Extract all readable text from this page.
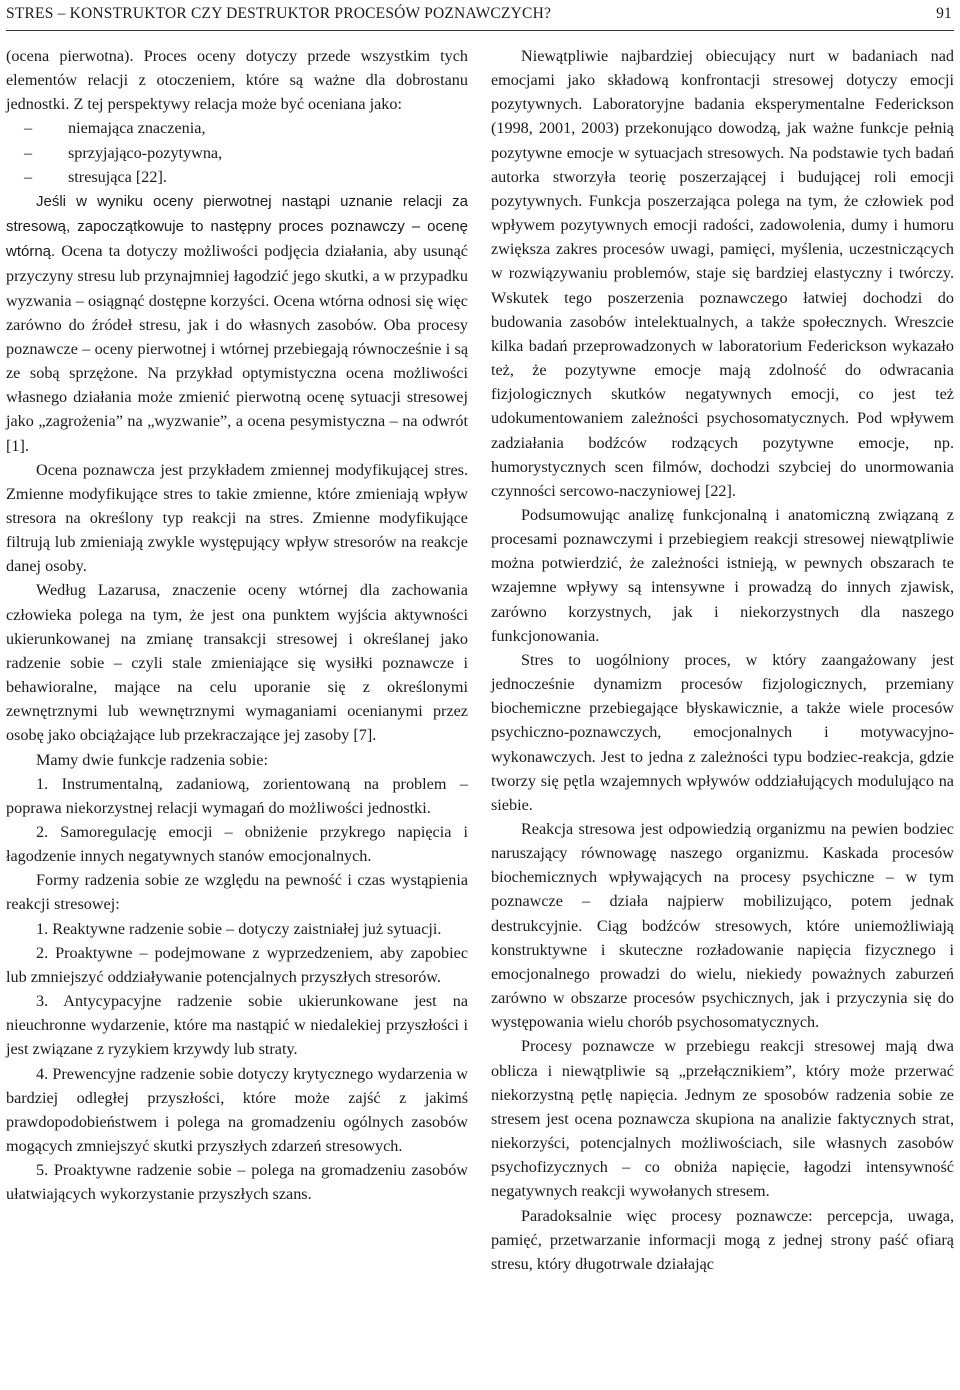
STRES – KONSTRUKTOR CZY DESTRUKTOR PROCESÓW POZNAWCZYCH?	91

(ocena pierwotna). Proces oceny dotyczy przede wszystkim tych elementów relacji z otoczeniem, które są ważne dla dobrostanu jednostki. Z tej perspektywy relacja może być oceniana jako:

– niemająca znaczenia,

– sprzyjająco-pozytywna,

– stresująca [22].

Jeśli w wyniku oceny pierwotnej nastąpi uznanie relacji za stresową, zapoczątkowuje to następny proces poznawczy – ocenę wtórną. Ocena ta dotyczy możliwości podjęcia działania, aby usunąć przyczyny stresu lub przynajmniej łagodzić jego skutki, a w przypadku wyzwania – osiągnąć dostępne korzyści. Ocena wtórna odnosi się więc zarówno do źródeł stresu, jak i do własnych zasobów. Oba procesy poznawcze – oceny pierwotnej i wtórnej przebiegają równocześnie i są ze sobą sprzężone. Na przykład optymistyczna ocena możliwości własnego działania może zmienić pierwotną ocenę sytuacji stresowej jako „zagrożenia” na „wyzwanie”, a ocena pesymistyczna – na odwrót [1].

Ocena poznawcza jest przykładem zmiennej modyfikującej stres. Zmienne modyfikujące stres to takie zmienne, które zmieniają wpływ stresora na określony typ reakcji na stres. Zmienne modyfikujące filtrują lub zmieniają zwykle występujący wpływ stresorów na reakcje danej osoby.

Według Lazarusa, znaczenie oceny wtórnej dla zachowania człowieka polega na tym, że jest ona punktem wyjścia aktywności ukierunkowanej na zmianę transakcji stresowej i określanej jako radzenie sobie – czyli stale zmieniające się wysiłki poznawcze i behawioralne, mające na celu uporanie się z określonymi zewnętrznymi lub wewnętrznymi wymaganiami ocenianymi przez osobę jako obciążające lub przekraczające jej zasoby [7].

Mamy dwie funkcje radzenia sobie:

1. Instrumentalną, zadaniową, zorientowaną na problem – poprawa niekorzystnej relacji wymagań do możliwości jednostki.

2. Samoregulację emocji – obniżenie przykrego napięcia i łagodzenie innych negatywnych stanów emocjonalnych.

Formy radzenia sobie ze względu na pewność i czas wystąpienia reakcji stresowej:

1. Reaktywne radzenie sobie – dotyczy zaistniałej już sytuacji.

2. Proaktywne – podejmowane z wyprzedzeniem, aby zapobiec lub zmniejszyć oddziaływanie potencjalnych przyszłych stresorów.

3. Antycypacyjne radzenie sobie ukierunkowane jest na nieuchronne wydarzenie, które ma nastąpić w niedalekiej przyszłości i jest związane z ryzykiem krzywdy lub straty.

4. Prewencyjne radzenie sobie dotyczy krytycznego wydarzenia w bardziej odległej przyszłości, które może zajść z jakimś prawdopodobieństwem i polega na gromadzeniu ogólnych zasobów mogących zmniejszyć skutki przyszłych zdarzeń stresowych.

5. Proaktywne radzenie sobie – polega na gromadzeniu zasobów ułatwiających wykorzystanie przyszłych szans.

Niewątpliwie najbardziej obiecujący nurt w badaniach nad emocjami jako składową konfrontacji stresowej dotyczy emocji pozytywnych. Laboratoryjne badania eksperymentalne Federickson (1998, 2001, 2003) przekonująco dowodzą, jak ważne funkcje pełnią pozytywne emocje w sytuacjach stresowych. Na podstawie tych badań autorka stworzyła teorię poszerzającej i budującej roli emocji pozytywnych. Funkcja poszerzająca polega na tym, że człowiek pod wpływem pozytywnych emocji radości, zadowolenia, dumy i humoru zwiększa zakres procesów uwagi, pamięci, myślenia, uczestniczących w rozwiązywaniu problemów, staje się bardziej elastyczny i twórczy. Wskutek tego poszerzenia poznawczego łatwiej dochodzi do budowania zasobów intelektualnych, a także społecznych. Wreszcie kilka badań przeprowadzonych w laboratorium Federickson wykazało też, że pozytywne emocje mają zdolność do odwracania fizjologicznych skutków negatywnych emocji, co jest też udokumentowaniem zależności psychosomatycznych. Pod wpływem zadziałania bodźców rodzących pozytywne emocje, np. humorystycznych scen filmów, dochodzi szybciej do unormowania czynności sercowo-naczyniowej [22].

Podsumowując analizę funkcjonalną i anatomiczną związaną z procesami poznawczymi i przebiegiem reakcji stresowej niewątpliwie można potwierdzić, że zależności istnieją, w pewnych obszarach te wzajemne wpływy są intensywne i prowadzą do innych zjawisk, zarówno korzystnych, jak i niekorzystnych dla naszego funkcjonowania.

Stres to uogólniony proces, w który zaangażowany jest jednocześnie dynamizm procesów fizjologicznych, przemiany biochemiczne przebiegające błyskawicznie, a także wiele procesów psychiczno-poznawczych, emocjonalnych i motywacyjno-wykonawczych. Jest to jedna z zależności typu bodziec-reakcja, gdzie tworzy się pętla wzajemnych wpływów oddziałujących modulująco na siebie.

Reakcja stresowa jest odpowiedzią organizmu na pewien bodziec naruszający równowagę naszego organizmu. Kaskada procesów biochemicznych wpływających na procesy psychiczne – w tym poznawcze – działa najpierw mobilizująco, potem jednak destrukcyjnie. Ciąg bodźców stresowych, które uniemożliwiają konstruktywne i skuteczne rozładowanie napięcia fizycznego i emocjonalnego prowadzi do wielu, niekiedy poważnych zaburzeń zarówno w obszarze procesów psychicznych, jak i przyczynia się do występowania wielu chorób psychosomatycznych.

Procesy poznawcze w przebiegu reakcji stresowej mają dwa oblicza i niewątpliwie są „przełącznikiem”, który może przerwać niekorzystną pętlę napięcia. Jednym ze sposobów radzenia sobie ze stresem jest ocena poznawcza skupiona na analizie faktycznych strat, niekorzyści, potencjalnych możliwościach, sile własnych zasobów psychofizycznych – co obniża napięcie, łagodzi intensywność negatywnych reakcji wywołanych stresem.

Paradoksalnie więc procesy poznawcze: percepcja, uwaga, pamięć, przetwarzanie informacji mogą z jednej strony paść ofiarą stresu, który długotrwale działając
